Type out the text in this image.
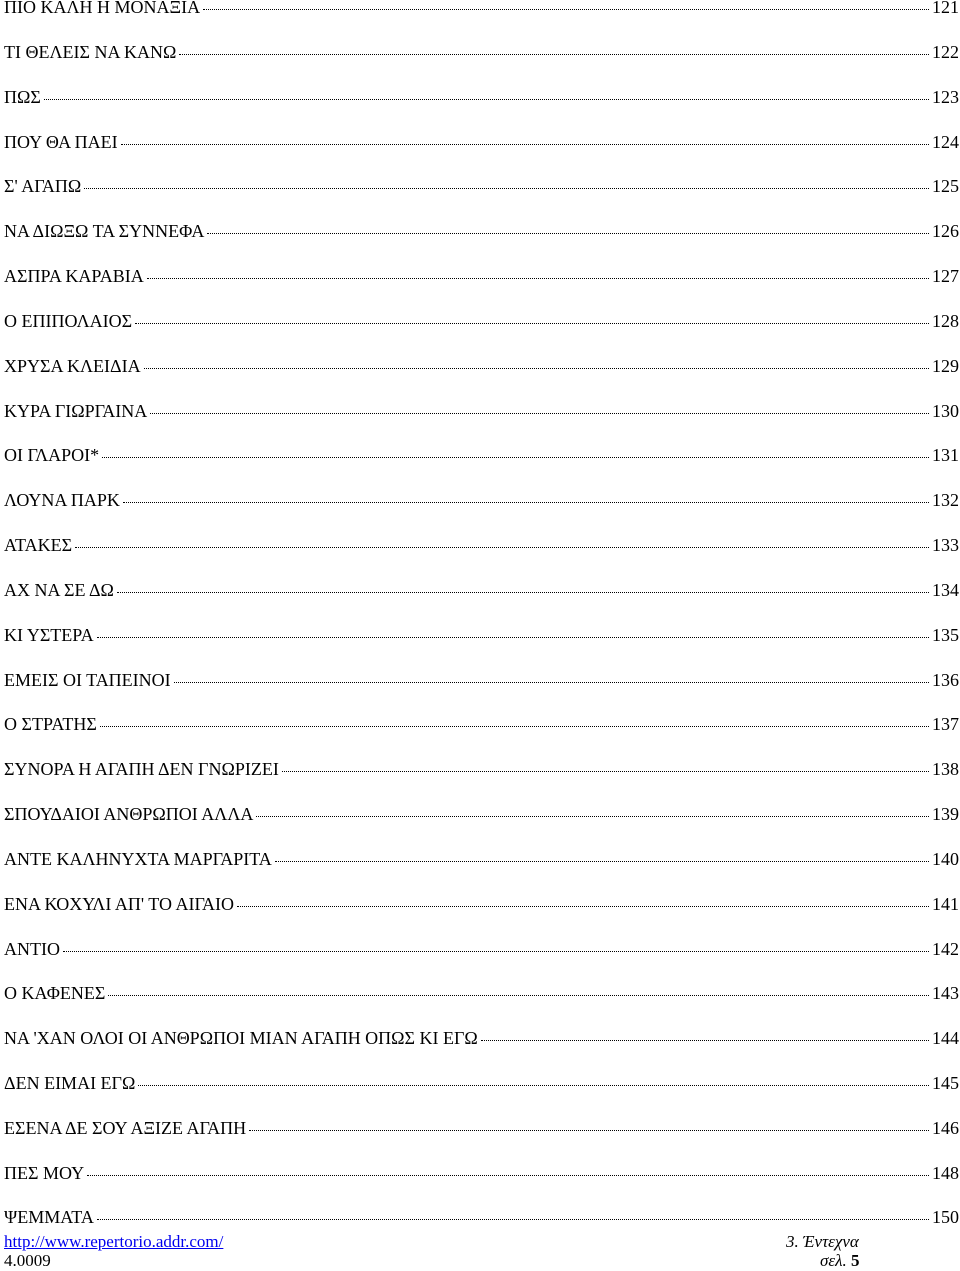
ΠΙΟ ΚΑΛΗ Η ΜΟΝΑΞΙΑ	121
ΤΙ ΘΕΛΕΙΣ ΝΑ ΚΑΝΩ	122
ΠΩΣ	123
ΠΟΥ ΘΑ ΠΑΕΙ	124
Σ' ΑΓΑΠΩ	125
ΝΑ ΔΙΩΞΩ ΤΑ ΣΥΝΝΕΦΑ	126
ΑΣΠΡΑ ΚΑΡΑΒΙΑ	127
Ο ΕΠΙΠΟΛΑΙΟΣ	128
ΧΡΥΣΑ ΚΛΕΙΔΙΑ	129
ΚΥΡΑ ΓΙΩΡΓΑΙΝΑ	130
ΟΙ ΓΛΑΡΟΙ*	131
ΛΟΥΝΑ ΠΑΡΚ	132
ΑΤΑΚΕΣ	133
ΑΧ ΝΑ ΣΕ ΔΩ	134
ΚΙ ΥΣΤΕΡΑ	135
ΕΜΕΙΣ ΟΙ ΤΑΠΕΙΝΟΙ	136
Ο ΣΤΡΑΤΗΣ	137
ΣΥΝΟΡΑ Η ΑΓΑΠΗ ΔΕΝ ΓΝΩΡΙΖΕΙ	138
ΣΠΟΥΔΑΙΟΙ ΑΝΘΡΩΠΟΙ ΑΛΛΑ	139
ΑΝΤΕ ΚΑΛΗΝΥΧΤΑ ΜΑΡΓΑΡΙΤΑ	140
ΕΝΑ ΚΟΧΥΛΙ ΑΠ' ΤΟ ΑΙΓΑΙΟ	141
ΑΝΤΙΟ	142
Ο ΚΑΦΕΝΕΣ	143
ΝΑ 'ΧΑΝ ΟΛΟΙ ΟΙ ΑΝΘΡΩΠΟΙ ΜΙΑΝ ΑΓΑΠΗ ΟΠΩΣ ΚΙ ΕΓΩ	144
ΔΕΝ ΕΙΜΑΙ ΕΓΩ	145
ΕΣΕΝΑ ΔΕ ΣΟΥ ΑΞΙΖΕ ΑΓΑΠΗ	146
ΠΕΣ ΜΟΥ	148
ΨΕΜΜΑΤΑ	150
http://www.repertorio.addr.com/
4.0009
3. Έντεχνα
σελ. 5
